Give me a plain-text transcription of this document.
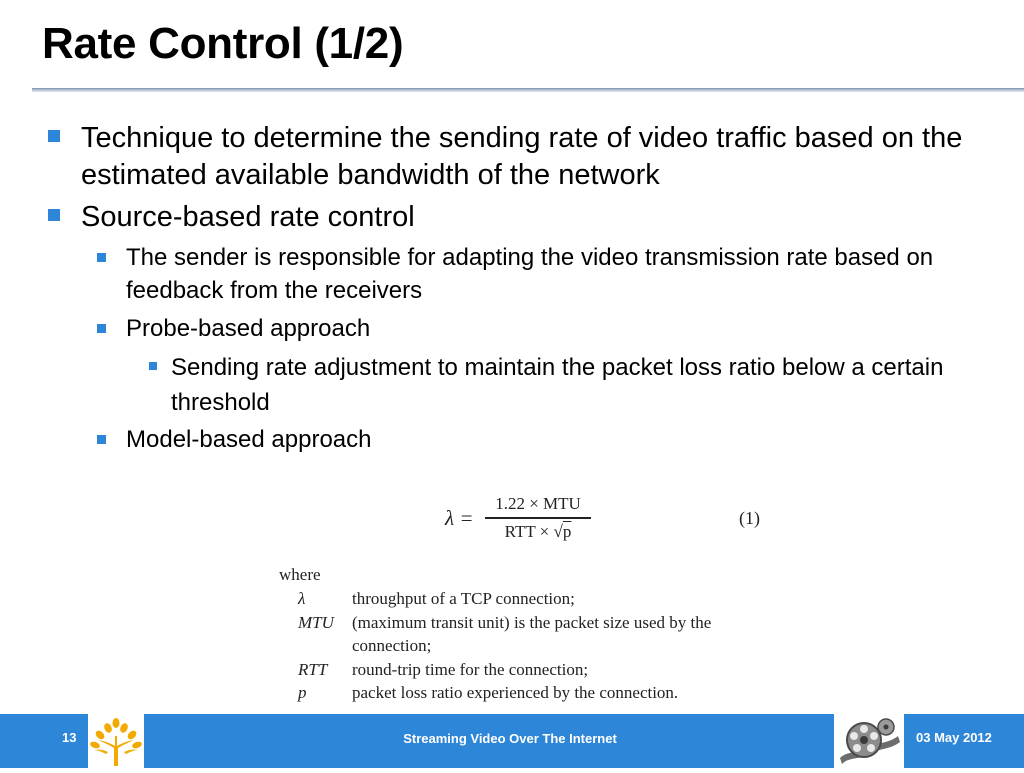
Rate Control (1/2)
Technique to determine the sending rate of video traffic based on the estimated available bandwidth of the network
Source-based rate control
The sender is responsible for adapting the video transmission rate based on feedback from the receivers
Probe-based approach
Sending rate adjustment to maintain the packet loss ratio below a certain threshold
Model-based approach
λ =
1.22 × MTU
RTT × √p
(1)
where
λ	throughput of a TCP connection;
MTU (maximum transit unit) is the packet size used by the connection;
RTT round-trip time for the connection;
p	packet loss ratio experienced by the connection.
13	Streaming Video Over The Internet	03 May 2012
